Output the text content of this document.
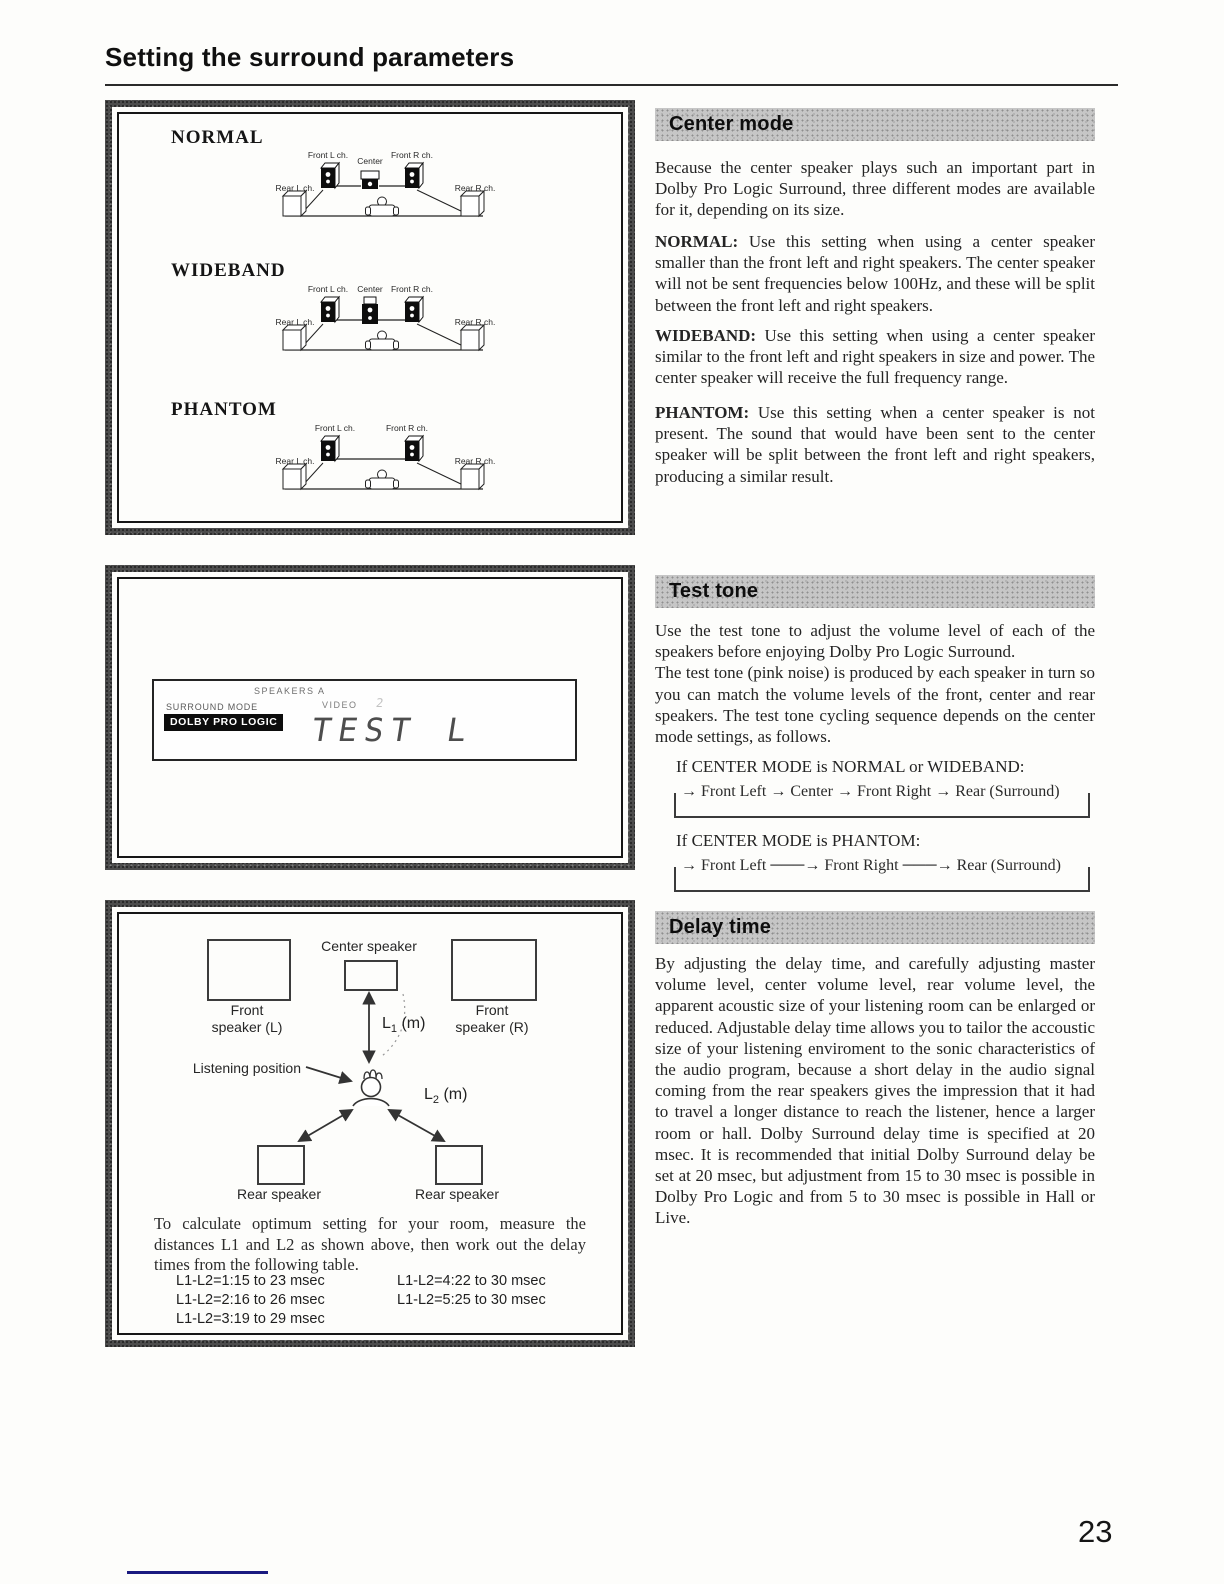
Setting the surround parameters
NORMAL
Front L ch.
Center
Front R ch.
Rear L ch.	Rear R ch.
WIDEBAND
Front L ch. Center Front R ch.
Rear L ch.	Rear R ch.
PHANTOM
Front L ch.	Front R ch.
Rear L ch.	Rear R ch.
SPEAKERS A
VIDEO 2
SURROUND MODE
DOLBY PRO LOGIC TEST L
Center speaker
Front speaker (L)
Front speaker (R)
Listening position
Rear speaker	Rear speaker
$L_1$ (m)
$L_2$ (m)
To calculate optimum setting for your room, measure the distances L1 and L2 as shown above, then work out the delay times from the following table.
L1-L2=1:15 to 23 msec
L1-L2=2:16 to 26 msec
L1-L2=3:19 to 29 msec
L1-L2=4:22 to 30 msec
L1-L2=5:25 to 30 msec
Center mode
Because the center speaker plays such an important part in Dolby Pro Logic Surround, three different modes are available for it, depending on its size.

NORMAL: Use this setting when using a center speaker smaller than the front left and right speakers. The center speaker will not be sent frequencies below 100Hz, and these will be split between the front left and right speakers.

WIDEBAND: Use this setting when using a center speaker similar to the front left and right speakers in size and power. The center speaker will receive the full frequency range.

PHANTOM: Use this setting when a center speaker is not present. The sound that would have been sent to the center speaker will be split between the front left and right speakers, producing a similar result.

Test tone

Use the test tone to adjust the volume level of each of the speakers before enjoying Dolby Pro Logic Surround.

The test tone (pink noise) is produced by each speaker in turn so you can match the volume levels of the front, center and rear speakers. The test tone cycling sequence depends on the center mode settings, as follows.

If CENTER MODE is NORMAL or WIDEBAND:
→ Front Left → Center → Front Right → Rear (Surround)
If CENTER MODE is PHANTOM:
→ Front Left ───→ Front Right ───→ Rear (Surround)
Delay time
By adjusting the delay time, and carefully adjusting master volume level, center volume level, rear volume level, the apparent acoustic size of your listening room can be enlarged or reduced. Adjustable delay time allows you to tailor the accoustic size of your listening enviroment to the sonic characteristics of the audio program, because a short delay in the audio signal coming from the rear speakers gives the impression that it had to travel a longer distance to reach the listener, hence a larger room or hall. Dolby Surround delay time is specified at 20 msec. It is recommended that initial Dolby Surround delay be set at 20 msec, but adjustment from 15 to 30 msec is possible in Dolby Pro Logic and from 5 to 30 msec is possible in Hall or Live.
23
